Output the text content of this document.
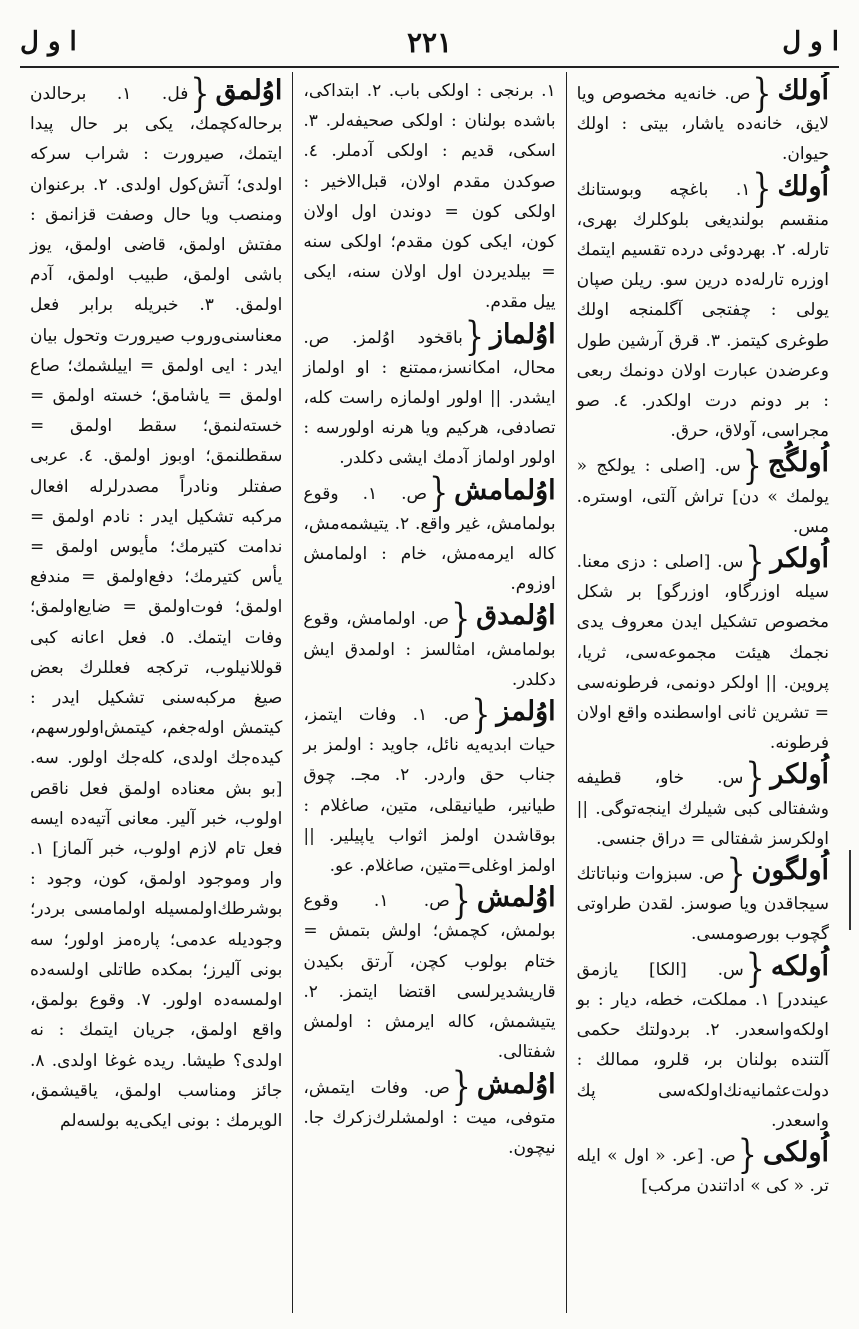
ا و ل	٢٢١	ا و ل

اُولك{ص. خانه‌یه مخصوص ويا لايق، خانه‌ده ياشار، بيتى : اولك حيوان.

اُولك{۱. باغچه وبوستانك منقسم بولنديغى بلوكلرك بهرى، تارله. ۲. بهردوئى درده تقسيم ايتمك اوزره تارله‌ده درين سو. ريلن صپان يولى : چفتجى آگلمنجه اولك طوغرى كيتمز. ۳. قرق آرشين طول وعرضدن عبارت اولان دونمك ربعى : بر دونم درت اولكدر. ٤. صو مجراسى، آولاق، حرق.

اُولگُج{س. [اصلى : يولكج « يولمك » دن] تراش آلتى، اوستره. مس.

اُولكر{س. [اصلى : دزى معنا. سيله اوزرگاو، اوزرگو] بر شكل مخصوص تشكيل ايدن معروف يدى نجمك هيئت مجموعه‌سى، ثريا، پروين. || اولكر دونمى، فرطونه‌سى = تشرين ثانى اواسطنده واقع اولان فرطونه.

اُولكر{س. خاو، قطيفه وشفتالى كبى شيلرك اينجه‌توگى. || اولكرسز شفتالى = دراق جنسى.

اُولگون{ص. سبزوات ونباتاتك سيجاقدن ويا صوسز. لقدن طراوتى گچوب بورصومسى.

اُولكه{س. [الكا] يازمق عينددر] ۱. مملكت، خطه، ديار : بو اولكه‌واسعدر. ۲. بردولتك حكمى آلتنده بولنان بر، قلرو، ممالك : دولت‌عثمانيه‌نك‌اولكه‌سى پك واسعدر.

اُولكى{ص. [عر. « اول » ايله تر. « كى » اداتندن مركب]

۱. برنجى : اولكى باب. ۲. ابتداكى، باشده بولنان : اولكى صحيفه‌لر. ۳. اسكى، قديم : اولكى آدملر. ٤. صوكدن مقدم اولان، قبل‌الاخير : اولكى كون = دوندن اول اولان كون، ايكى كون مقدم؛ اولكى سنه = بيلديردن اول اولان سنه، ايكى ييل مقدم.

اوُلماز{باقخود اوُلمز. ص. محال، امكانسز،ممتنع : او اولماز ايشدر. || اولور اولمازه راست كله، تصادفى، هركيم ويا هرنه اولورسه : اولور اولماز آدمك ايشى دكلدر.

اوُلمامش{ص. ۱. وقوع بولمامش، غير واقع. ۲. يتيشمه‌مش، كاله ايرمه‌مش، خام : اولمامش اوزوم.

اوُلمدق{ص. اولمامش، وقوع بولمامش، امثالسز : اولمدق ايش دكلدر.

اوُلمز{ص. ۱. وفات ايتمز، حيات ابديه‌يه نائل، جاويد : اولمز بر جناب حق واردر. ۲. مجـ. چوق طيانير، طيانيقلى، متين، صاغلام : بوقاشدن اولمز اثواب ياپيلير. || اولمز اوغلى=متين، صاغلام. عو.

اوُلمش{ص. ۱. وقوع بولمش، كچمش؛ اولش بتمش = ختام بولوب كچن، آرتق بكيدن قاريشديرلسى اقتضا ايتمز. ۲. يتيشمش، كاله ايرمش : اولمش شفتالى.

اوُلمش{ص. وفات ايتمش، متوفى، ميت : اولمشلرك‌زكرك جا. نيچون.

اوُلمق{فل. ۱. برحالدن برحاله‌كچمك، يكى بر حال پيدا ايتمك، صيرورت : شراب سركه اولدى؛ آتش‌كول اولدى. ۲. برعنوان ومنصب ويا حال وصفت قزانمق : مفتش اولمق، قاضى اولمق، يوز باشى اولمق، طبيب اولمق، آدم اولمق. ۳. خبريله برابر فعل معناسنى‌وروب صيرورت وتحول بيان ايدر : ايى اولمق = اييلشمك؛ صاع اولمق = ياشامق؛ خسته اولمق = خسته‌لنمق؛ سقط اولمق = سقطلنمق؛ اوبوز اولمق. ٤. عربى صفتلر ونادراً مصدرلرله افعال مركبه تشكيل ايدر : نادم اولمق = ندامت كتيرمك؛ مأيوس اولمق = يأس كتيرمك؛ دفع‌اولمق = مندفع اولمق؛ فوت‌اولمق = ضايع‌اولمق؛ وفات ايتمك. ٥. فعل اعانه كبى قوللانيلوب، تركجه فعللرك بعض صيغ مركبه‌سنى تشكيل ايدر : كيتمش اوله‌جغم، كيتمش‌اولورسهم، كيده‌جك اولدى، كله‌جك اولور. سه. [بو بش معناده اولمق فعل ناقص اولوب، خبر آلير. معانى آتيه‌ده ايسه فعل تام لازم اولوب، خبر آلماز] ۱. وار وموجود اولمق، كون، وجود : بوشرطك‌اولمسيله اولمامسى بردر؛ وجوديله عدمى؛ پاره‌مز اولور؛ سه بونى آليرز؛ بمكده طاتلى اولسه‌ده اولمسه‌ده اولور. ۷. وقوع بولمق، واقع اولمق، جريان ايتمك : نه اولدى؟ طيشا. ريده غوغا اولدى. ۸. جائز ومناسب اولمق، ياقيشمق، الويرمك : بونى ايكى‌يه بولسه‌لم
